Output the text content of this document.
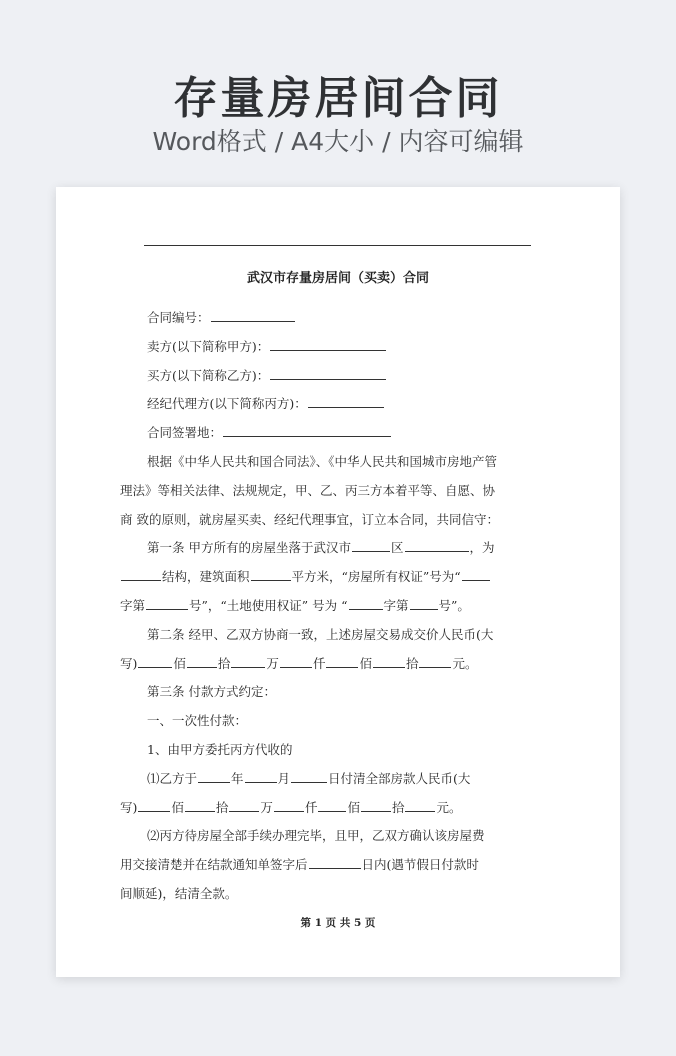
存量房居间合同
Word格式 / A4大小 / 内容可编辑
武汉市存量房居间（买卖）合同
合同编号：
卖方(以下简称甲方)：
买方(以下简称乙方)：
经纪代理方(以下简称丙方)：
合同签署地：
根据《中华人民共和国合同法》、《中华人民共和国城市房地产管
理法》等相关法律、法规规定，甲、乙、丙三方本着平等、自愿、协
商 致的原则，就房屋买卖、经纪代理事宜，订立本合同，共同信守：
第一条 甲方所有的房屋坐落于武汉市	区	，为
结构，建筑面积	平方米，“房屋所有权证”号为“
字第	号”，“土地使用权证” 号为 “	字第 号”。
第二条 经甲、乙双方协商一致，上述房屋交易成交价人民币(大
写)	佰	拾	万	仟	佰	拾	元。
第三条 付款方式约定：
一、一次性付款：
1、由甲方委托丙方代收的
⑴乙方于	年	月	日付清全部房款人民币(大
写)	佰	拾	万	仟 佰	拾	元。
⑵丙方待房屋全部手续办理完毕，且甲，乙双方确认该房屋费
用交接清楚并在结款通知单签字后	日内(遇节假日付款时
间顺延)，结清全款。
第 1 页 共 5 页
